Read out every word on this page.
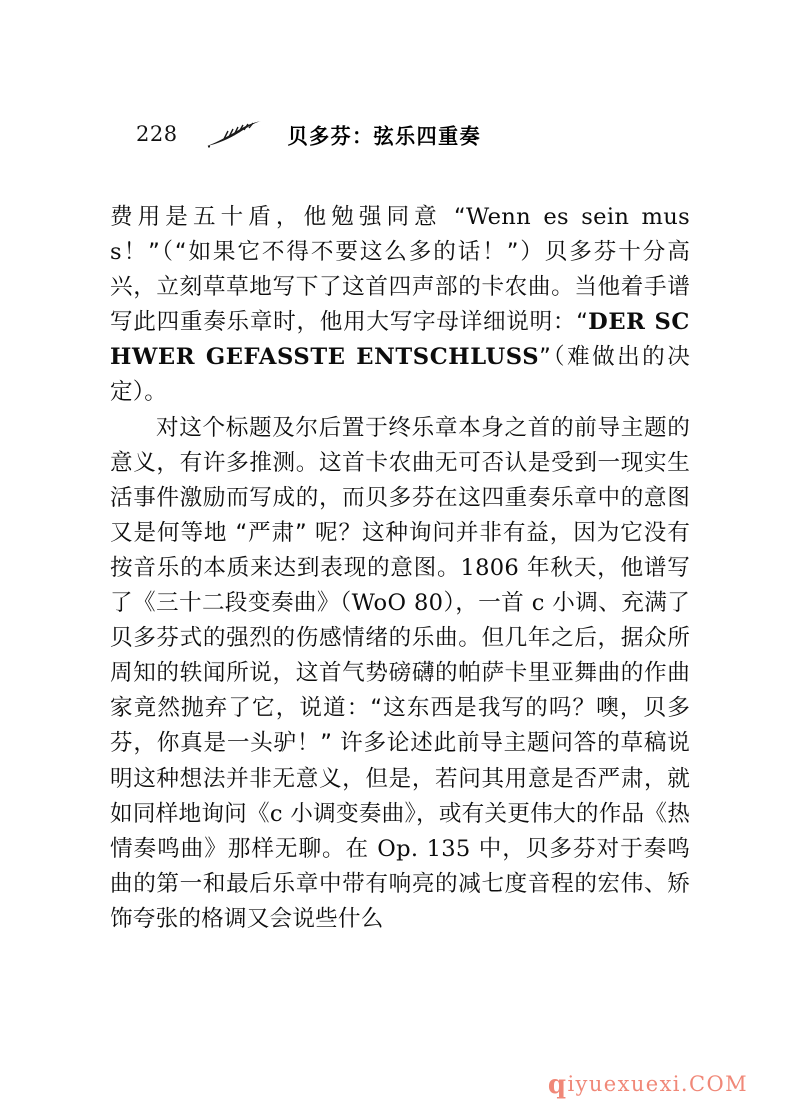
228	贝多芬：弦乐四重奏

费用是五十盾，他勉强同意 “Wenn es sein muss！”（“如果它不得不要这么多的话！”）贝多芬十分高兴，立刻草草地写下了这首四声部的卡农曲。当他着手谱写此四重奏乐章时，他用大写字母详细说明：“DER SCHWER GEFASSTE ENTSCHLUSS”（难做出的决定）。

对这个标题及尔后置于终乐章本身之首的前导主题的意义，有许多推测。这首卡农曲无可否认是受到一现实生活事件激励而写成的，而贝多芬在这四重奏乐章中的意图又是何等地 “严肃” 呢？这种询问并非有益，因为它没有按音乐的本质来达到表现的意图。1806 年秋天，他谱写了《三十二段变奏曲》（WoO 80），一首 c 小调、充满了贝多芬式的强烈的伤感情绪的乐曲。但几年之后，据众所周知的轶闻所说，这首气势磅礴的帕萨卡里亚舞曲的作曲家竟然抛弃了它，说道：“这东西是我写的吗？噢，贝多芬，你真是一头驴！” 许多论述此前导主题问答的草稿说明这种想法并非无意义，但是，若问其用意是否严肃，就如同样地询问《c 小调变奏曲》，或有关更伟大的作品《热情奏鸣曲》那样无聊。在 Op. 135 中，贝多芬对于奏鸣曲的第一和最后乐章中带有响亮的减七度音程的宏伟、矫饰夸张的格调又会说些什么

qiyuexuexi.COM
